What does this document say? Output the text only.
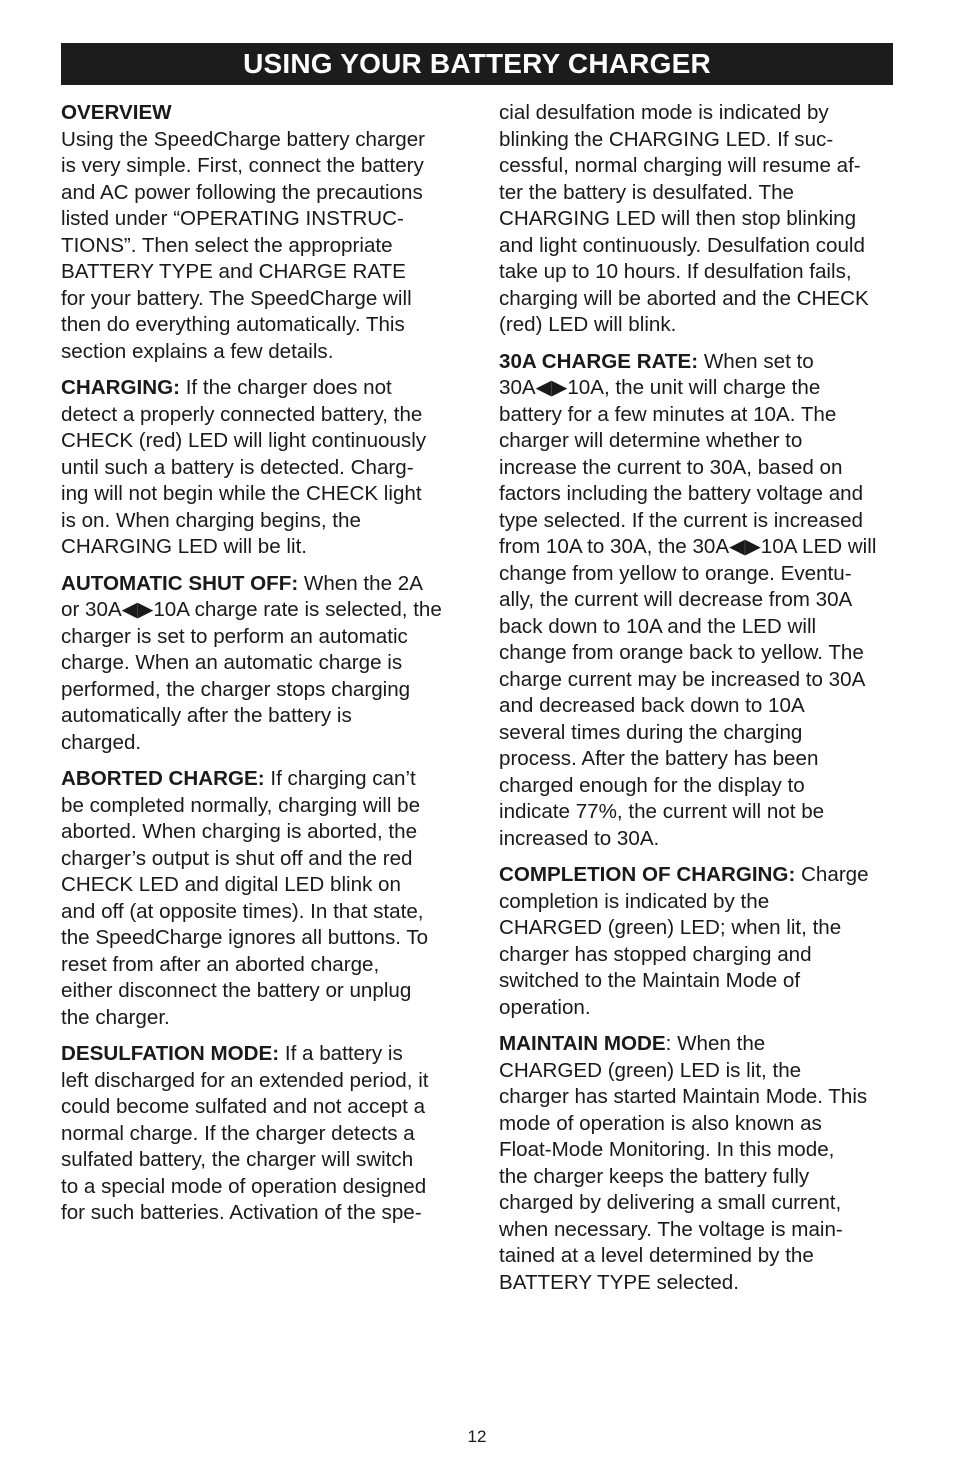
USING YOUR BATTERY CHARGER
OVERVIEW
Using the SpeedCharge battery charger
is very simple. First, connect the battery
and AC power following the precautions
listed under “OPERATING INSTRUC-
TIONS”. Then select the appropriate
BATTERY TYPE and CHARGE RATE
for your battery. The SpeedCharge will
then do everything automatically. This
section explains a few details.
CHARGING: If the charger does not
detect a properly connected battery, the
CHECK (red) LED will light continuously
until such a battery is detected. Charg-
ing will not begin while the CHECK light
is on. When charging begins, the
CHARGING LED will be lit.
AUTOMATIC SHUT OFF: When the 2A
or 30A◀▶10A charge rate is selected, the
charger is set to perform an automatic
charge. When an automatic charge is
performed, the charger stops charging
automatically after the battery is
charged.
ABORTED CHARGE: If charging can’t
be completed normally, charging will be
aborted. When charging is aborted, the
charger’s output is shut off and the red
CHECK LED and digital LED blink on
and off (at opposite times). In that state,
the SpeedCharge ignores all buttons. To
reset from after an aborted charge,
either disconnect the battery or unplug
the charger.
DESULFATION MODE: If a battery is
left discharged for an extended period, it
could become sulfated and not accept a
normal charge. If the charger detects a
sulfated battery, the charger will switch
to a special mode of operation designed
for such batteries. Activation of the spe-
cial desulfation mode is indicated by
blinking the CHARGING LED. If suc-
cessful, normal charging will resume af-
ter the battery is desulfated. The
CHARGING LED will then stop blinking
and light continuously. Desulfation could
take up to 10 hours. If desulfation fails,
charging will be aborted and the CHECK
(red) LED will blink.
30A CHARGE RATE: When set to
30A◀▶10A, the unit will charge the
battery for a few minutes at 10A. The
charger will determine whether to
increase the current to 30A, based on
factors including the battery voltage and
type selected. If the current is increased
from 10A to 30A, the 30A◀▶10A LED will
change from yellow to orange. Eventu-
ally, the current will decrease from 30A
back down to 10A and the LED will
change from orange back to yellow. The
charge current may be increased to 30A
and decreased back down to 10A
several times during the charging
process. After the battery has been
charged enough for the display to
indicate 77%, the current will not be
increased to 30A.
COMPLETION OF CHARGING: Charge
completion is indicated by the
CHARGED (green) LED; when lit, the
charger has stopped charging and
switched to the Maintain Mode of
operation.
MAINTAIN MODE: When the
CHARGED (green) LED is lit, the
charger has started Maintain Mode. This
mode of operation is also known as
Float-Mode Monitoring. In this mode,
the charger keeps the battery fully
charged by delivering a small current,
when necessary. The voltage is main-
tained at a level determined by the
BATTERY TYPE selected.
12
